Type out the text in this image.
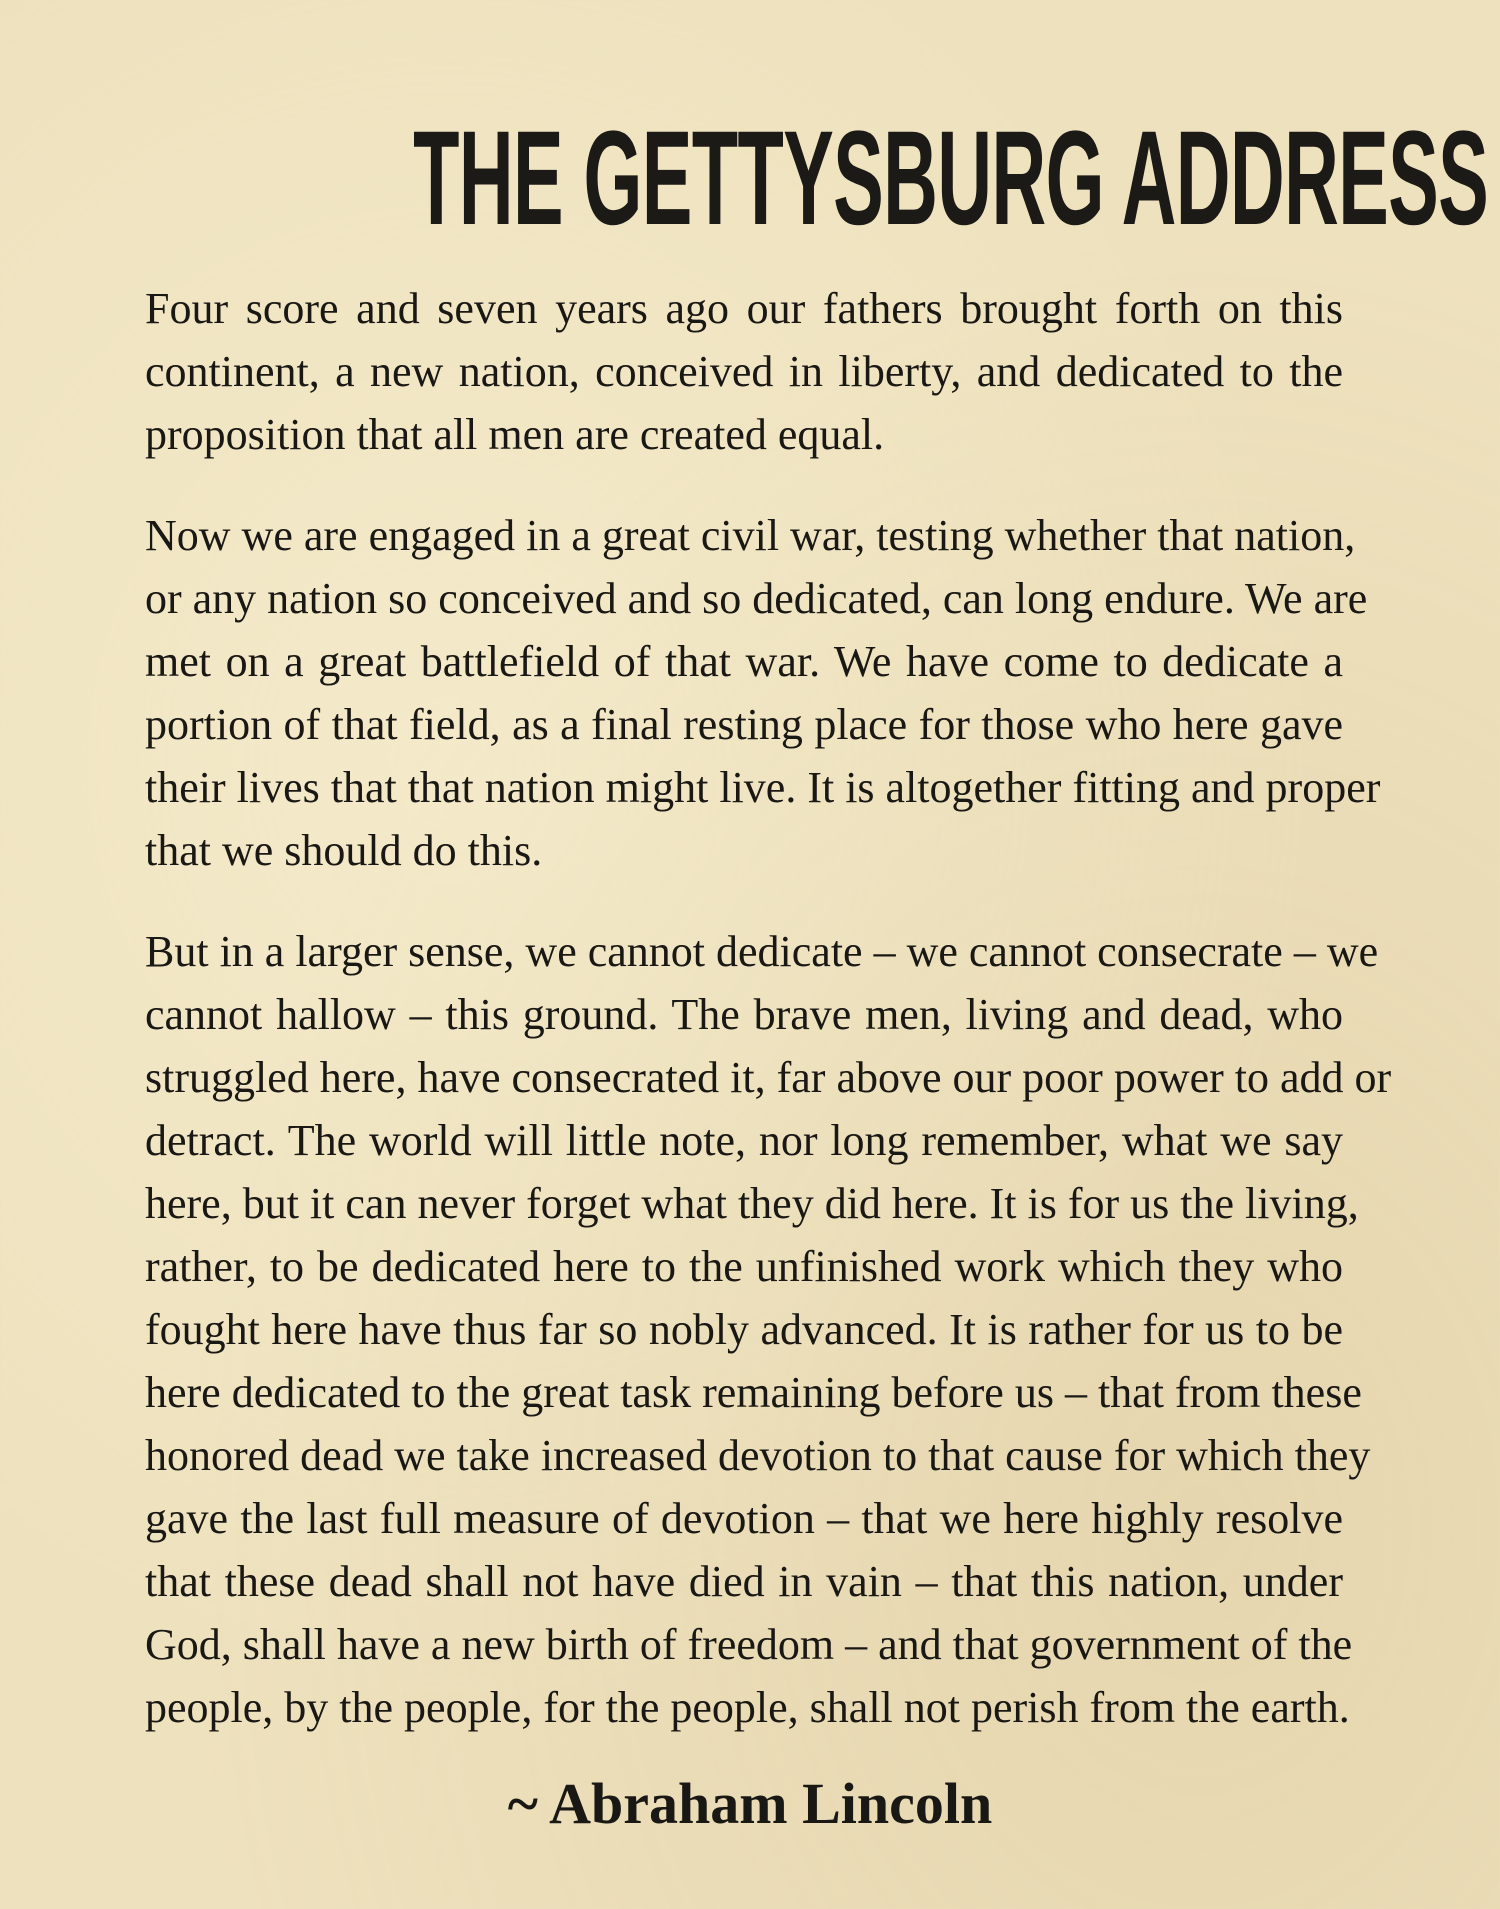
THE GETTYSBURG ADDRESS
Four score and seven years ago our fathers brought forth on this
continent, a new nation, conceived in liberty, and dedicated to the
proposition that all men are created equal.
Now we are engaged in a great civil war, testing whether that nation,
or any nation so conceived and so dedicated, can long endure. We are
met on a great battlefield of that war. We have come to dedicate a
portion of that field, as a final resting place for those who here gave
their lives that that nation might live. It is altogether fitting and proper
that we should do this.
But in a larger sense, we cannot dedicate – we cannot consecrate – we
cannot hallow – this ground. The brave men, living and dead, who
struggled here, have consecrated it, far above our poor power to add or
detract. The world will little note, nor long remember, what we say
here, but it can never forget what they did here. It is for us the living,
rather, to be dedicated here to the unfinished work which they who
fought here have thus far so nobly advanced. It is rather for us to be
here dedicated to the great task remaining before us – that from these
honored dead we take increased devotion to that cause for which they
gave the last full measure of devotion – that we here highly resolve
that these dead shall not have died in vain – that this nation, under
God, shall have a new birth of freedom – and that government of the
people, by the people, for the people, shall not perish from the earth.
~ Abraham Lincoln
